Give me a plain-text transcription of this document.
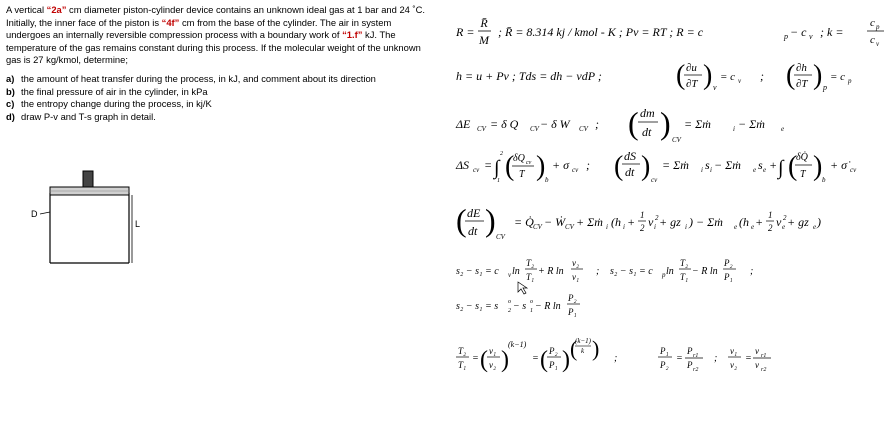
A vertical “2a” cm diameter piston-cylinder device contains an unknown ideal gas at 1 bar and 24 ˚C. Initially, the inner face of the piston is “4f” cm from the base of the cylinder. The air in system undergoes an internally reversible compression process with a boundary work of “1.f” kJ. The temperature of the gas remains constant during this process. If the molecular weight of the unknown gas is 27 kg/kmol, determine;

a) the amount of heat transfer during the process, in kJ, and comment about its direction
b) the final pressure of air in the cylinder, in kPa
c) the entropy change during the process, in kj/K
d) draw P-v and T-s graph in detail.
D
L
R =
R̄
M
; R̄ = 8.314 kj / kmol - K ; Pv = RT ; R = c	p − c v ; k =
c p
c v
h = u + Pv ; Tds = dh − vdP ;	( ∂u
∂T ) v
= c v ; ( ∂h
∂T ) p
= c p
ΔE CV = δ Q CV − δ W CV ; ( dm
dt ) CV
= Σṁ	i − Σṁ e
ΔS cv = ∫
2
1 (
δQ cv
T ) b
+ σ cv ; ( dS
dt ) cv
= Σṁ i s i − Σṁ e s e + ∫ (
δQ̇
T ) b
+ σ̇ cv
( dE
dt ) CV
= Q̇ CV − Ẇ CV + Σṁ i (h i + 1
2 v i
2 + gz i ) − Σṁ e (h e + 1
2 v e
2 + gz e )
s₂ − s₁ = c v ln
T₂
T₁ + R ln
v₂
v₁ ; s₂ − s₁ = c p ln
T₂
T₁ − R ln
P₂
P₁ ;
s₂ − s₁ = s o
2 − s o
1 − R ln
P₂
P₁
T₂
T₁
= ( v₁
v₂ )
(k−1)
= ( P₂
P₁ ) (
(k−1)
k ) ;
P₁
P₂
=
P r1
P r2
;
v₁
v₂
=
v r1
v r2
